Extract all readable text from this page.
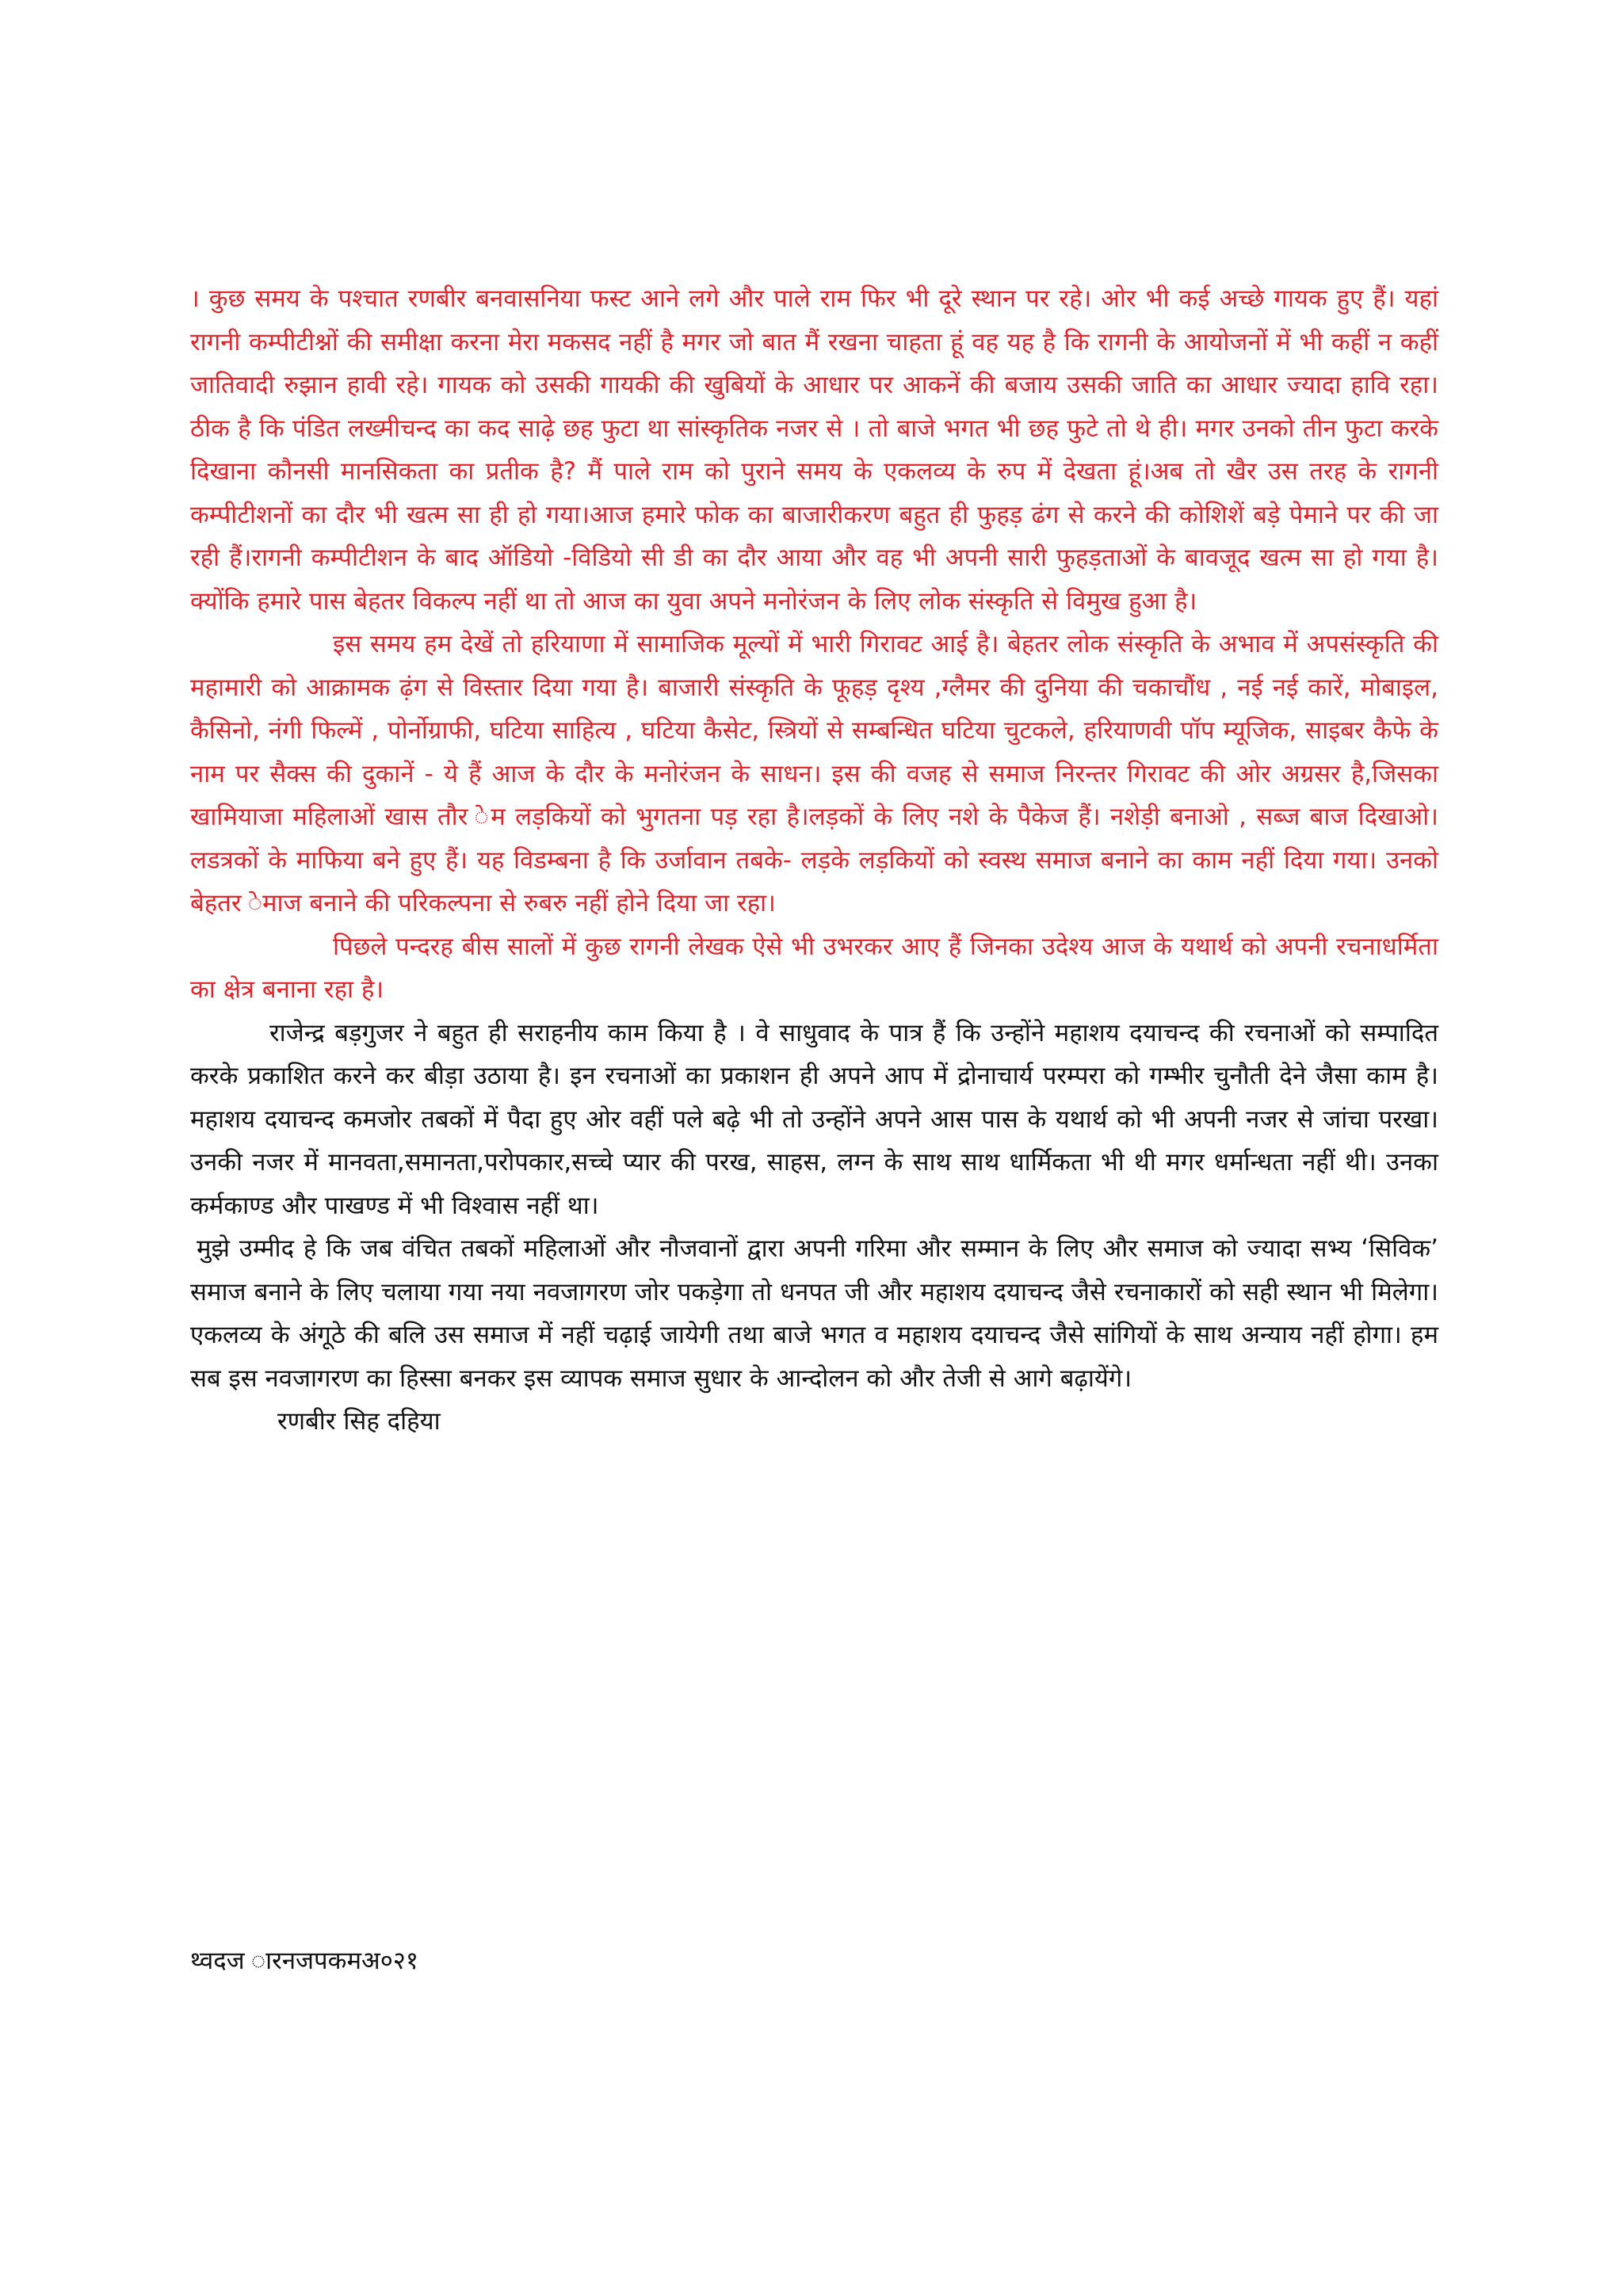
। कुछ समय के पश्चात रणबीर बनवासनिया फस्ट आने लगे और पाले राम फिर भी दूरे स्थान पर रहे। ओर भी कई अच्छे गायक हुए हैं। यहां रागनी कम्पीटीश्नों की समीक्षा करना मेरा मकसद नहीं है मगर जो बात मैं रखना चाहता हूं वह यह है कि रागनी के आयोजनों में भी कहीं न कहीं जातिवादी रुझान हावी रहे। गायक को उसकी गायकी की खुबियों के आधार पर आकनें की बजाय उसकी जाति का आधार ज्यादा हावि रहा। ठीक है कि पंडित लख्मीचन्द का कद साढ़े छह फुटा था सांस्कृतिक नजर से । तो बाजे भगत भी छह फुटे तो थे ही। मगर उनको तीन फुटा करके दिखाना कौनसी मानसिकता का प्रतीक है? मैं पाले राम को पुराने समय के एकलव्य के रुप में देखता हूं।अब तो खैर उस तरह के रागनी कम्पीटीशनों का दौर भी खत्म सा ही हो गया।आज हमारे फोक का बाजारीकरण बहुत ही फुहड़ ढंग से करने की कोशिशें बड़े पेमाने पर की जा रही हैं।रागनी कम्पीटीशन के बाद ऑडियो -विडियो सी डी का दौर आया और वह भी अपनी सारी फुहड़ताओं के बावजूद खत्म सा हो गया है। क्योंकि हमारे पास बेहतर विकल्प नहीं था तो आज का युवा अपने मनोरंजन के लिए लोक संस्कृति से विमुख हुआ है।

इस समय हम देखें तो हरियाणा में सामाजिक मूल्यों में भारी गिरावट आई है। बेहतर लोक संस्कृति के अभाव में अपसंस्कृति की महामारी को आक्रामक ढ़ंग से विस्तार दिया गया है। बाजारी संस्कृति के फूहड़ दृश्य ,ग्लैमर की दुनिया की चकाचौंध , नई नई कारें, मोबाइल, कैसिनो, नंगी फिल्में , पोर्नोग्राफी, घटिया साहित्य , घटिया कैसेट, स्त्रियों से सम्बन्धित घटिया चुटकले, हरियाणवी पॉप म्यूजिक, साइबर कैफे के नाम पर सैक्स की दुकानें - ये हैं आज के दौर के मनोरंजन के साधन। इस की वजह से समाज निरन्तर गिरावट की ओर अग्रसर है,जिसका खामियाजा महिलाओं खास तौर ेम लड़कियों को भुगतना पड़ रहा है।लड़कों के लिए नशे के पैकेज हैं। नशेड़ी बनाओ , सब्ज बाज दिखाओ। लडत्रकों के माफिया बने हुए हैं। यह विडम्बना है कि उर्जावान तबके- लड़के लड़कियों को स्वस्थ समाज बनाने का काम नहीं दिया गया। उनको बेहतर ेमाज बनाने की परिकल्पना से रुबरु नहीं होने दिया जा रहा।

पिछले पन्दरह बीस सालों में कुछ रागनी लेखक ऐसे भी उभरकर आए हैं जिनका उदेश्य आज के यथार्थ को अपनी रचनाधर्मिता का क्षेत्र बनाना रहा है।

राजेन्द्र बड़गुजर ने बहुत ही सराहनीय काम किया है । वे साधुवाद के पात्र हैं कि उन्होंने महाशय दयाचन्द की रचनाओं को सम्पादित करके प्रकाशित करने कर बीड़ा उठाया है। इन रचनाओं का प्रकाशन ही अपने आप में द्रोनाचार्य परम्परा को गम्भीर चुनौती देने जैसा काम है। महाशय दयाचन्द कमजोर तबकों में पैदा हुए ओर वहीं पले बढ़े भी तो उन्होंने अपने आस पास के यथार्थ को भी अपनी नजर से जांचा परखा। उनकी नजर में मानवता,समानता,परोपकार,सच्चे प्यार की परख, साहस, लग्न के साथ साथ धार्मिकता भी थी मगर धर्मान्धता नहीं थी। उनका कर्मकाण्ड और पाखण्ड में भी विश्वास नहीं था।

मुझे उम्मीद हे कि जब वंचित तबकों महिलाओं और नौजवानों द्वारा अपनी गरिमा और सम्मान के लिए और समाज को ज्यादा सभ्य ‘सिविक’ समाज बनाने के लिए चलाया गया नया नवजागरण जोर पकड़ेगा तो धनपत जी और महाशय दयाचन्द जैसे रचनाकारों को सही स्थान भी मिलेगा। एकलव्य के अंगूठे की बलि उस समाज में नहीं चढ़ाई जायेगी तथा बाजे भगत व महाशय दयाचन्द जैसे सांगियों के साथ अन्याय नहीं होगा। हम सब इस नवजागरण का हिस्सा बनकर इस व्यापक समाज सुधार के आन्दोलन को और तेजी से आगे बढ़ायेंगे।

रणबीर सिह दहिया

थ्वदज ारनजपकमअ०२१
